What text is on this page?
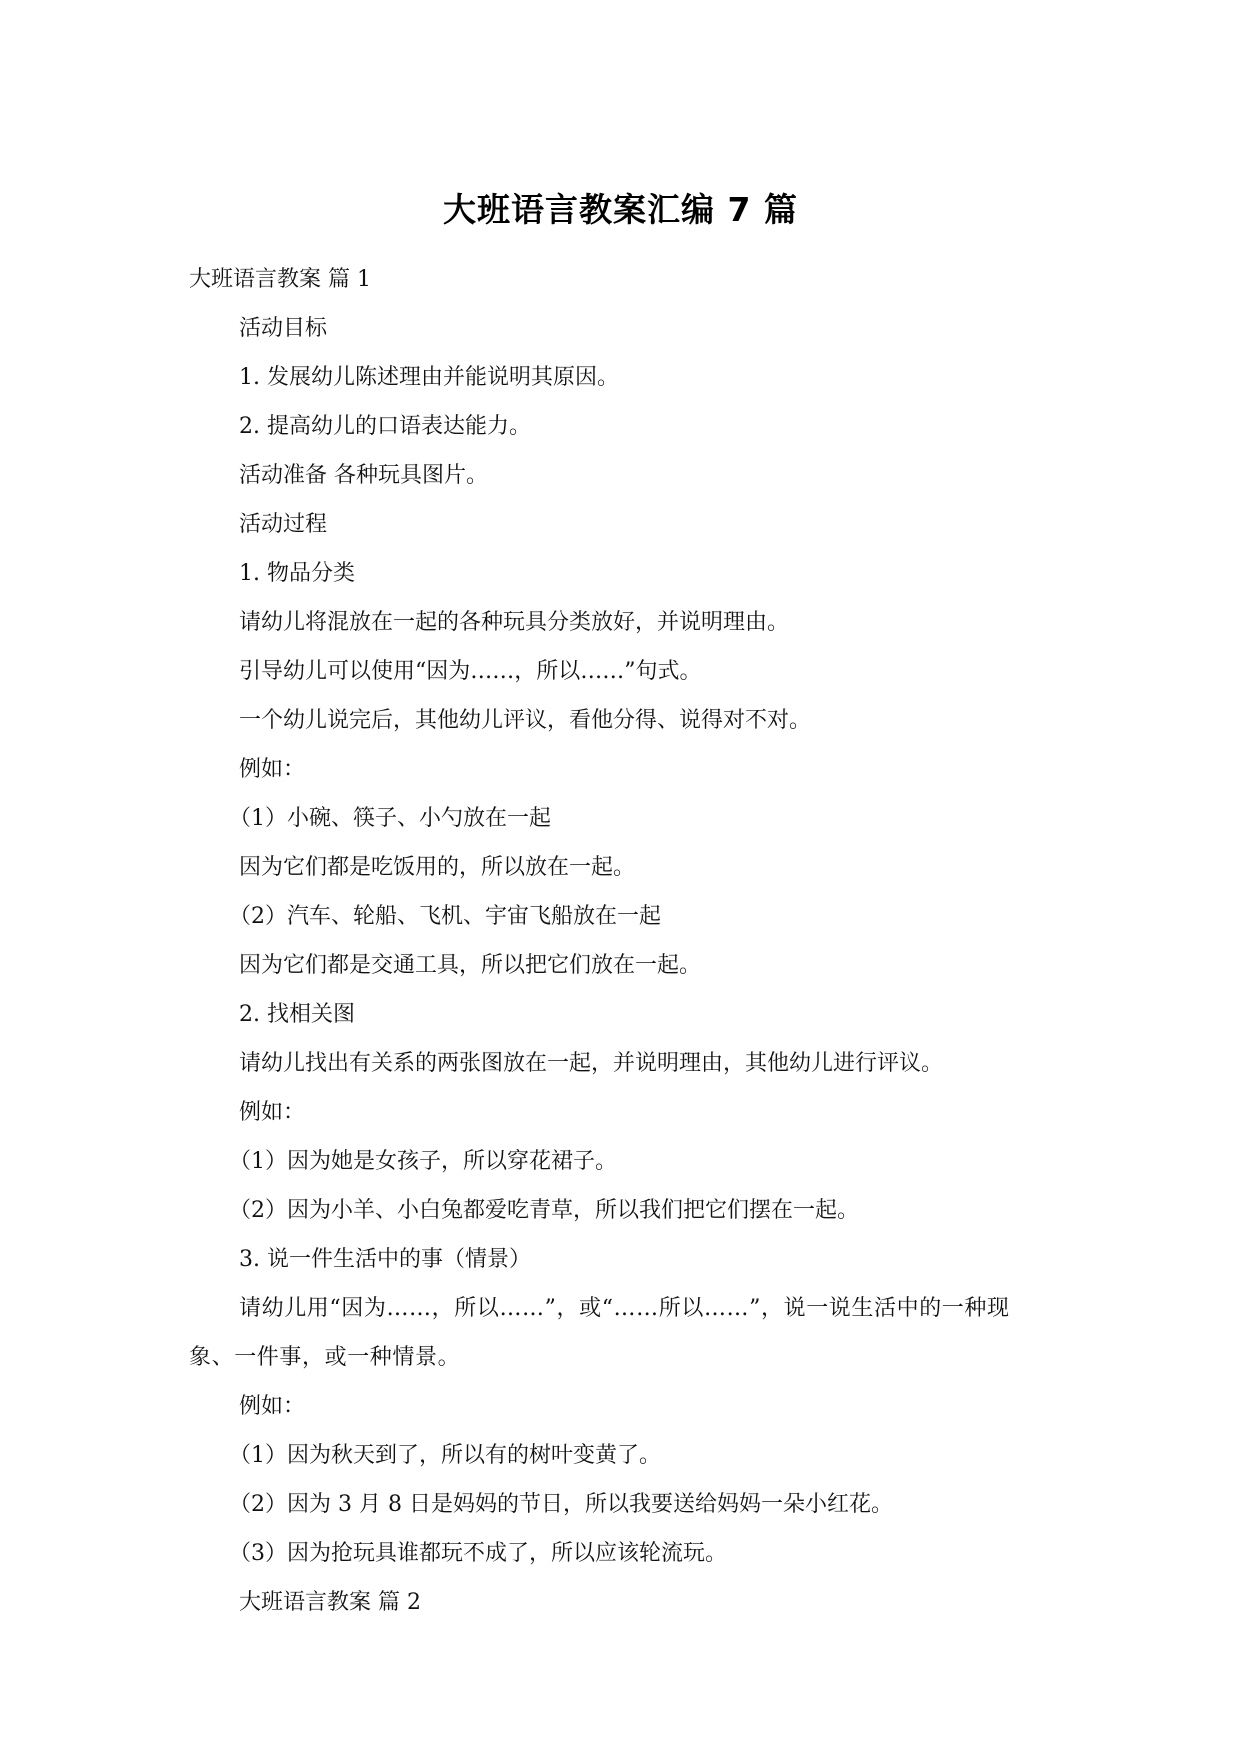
大班语言教案汇编 7 篇
大班语言教案 篇 1
活动目标
1. 发展幼儿陈述理由并能说明其原因。
2. 提高幼儿的口语表达能力。
活动准备 各种玩具图片。
活动过程
1. 物品分类
请幼儿将混放在一起的各种玩具分类放好，并说明理由。
引导幼儿可以使用“因为……，所以……”句式。
一个幼儿说完后，其他幼儿评议，看他分得、说得对不对。
例如：
（1）小碗、筷子、小勺放在一起
因为它们都是吃饭用的，所以放在一起。
（2）汽车、轮船、飞机、宇宙飞船放在一起
因为它们都是交通工具，所以把它们放在一起。
2. 找相关图
请幼儿找出有关系的两张图放在一起，并说明理由，其他幼儿进行评议。
例如：
（1）因为她是女孩子，所以穿花裙子。
（2）因为小羊、小白兔都爱吃青草，所以我们把它们摆在一起。
3. 说一件生活中的事（情景）
请幼儿用“因为……，所以……”，或“……所以……”，说一说生活中的一种现象、一件事，或一种情景。
例如：
（1）因为秋天到了，所以有的树叶变黄了。
（2）因为 3 月 8 日是妈妈的节日，所以我要送给妈妈一朵小红花。
（3）因为抢玩具谁都玩不成了，所以应该轮流玩。
大班语言教案 篇 2
